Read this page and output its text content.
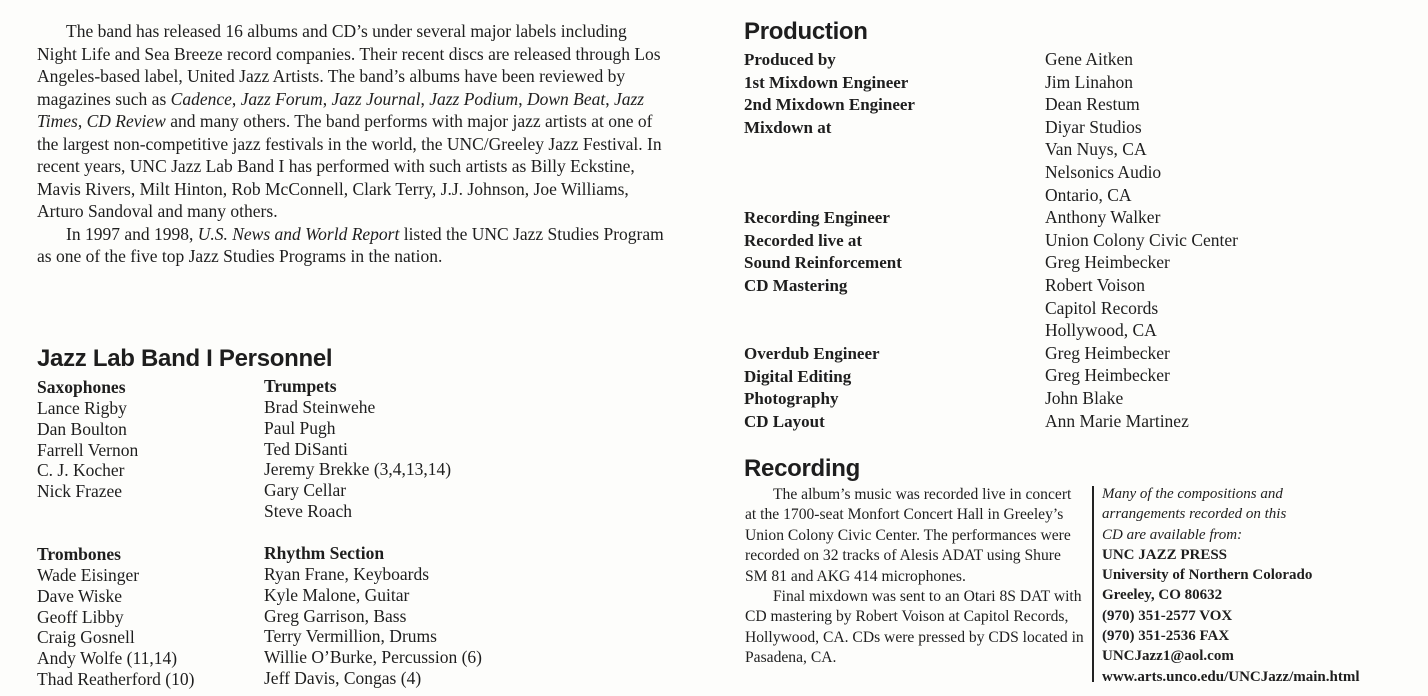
The band has released 16 albums and CD’s under several major labels including Night Life and Sea Breeze record companies. Their recent discs are released through Los Angeles-based label, United Jazz Artists. The band’s albums have been reviewed by magazines such as Cadence, Jazz Forum, Jazz Journal, Jazz Podium, Down Beat, Jazz Times, CD Review and many others. The band performs with major jazz artists at one of the largest non-competitive jazz festivals in the world, the UNC/Greeley Jazz Festival. In recent years, UNC Jazz Lab Band I has performed with such artists as Billy Eckstine, Mavis Rivers, Milt Hinton, Rob McConnell, Clark Terry, J.J. Johnson, Joe Williams, Arturo Sandoval and many others.

In 1997 and 1998, U.S. News and World Report listed the UNC Jazz Studies Program as one of the five top Jazz Studies Programs in the nation.

Jazz Lab Band I Personnel
Saxophones
Lance Rigby
Dan Boulton
Farrell Vernon
C. J. Kocher
Nick Frazee
Trumpets
Brad Steinwehe
Paul Pugh
Ted DiSanti
Jeremy Brekke (3,4,13,14)
Gary Cellar
Steve Roach
Trombones
Wade Eisinger
Dave Wiske
Geoff Libby
Craig Gosnell
Andy Wolfe (11,14)
Thad Reatherford (10)
Rhythm Section
Ryan Frane, Keyboards
Kyle Malone, Guitar
Greg Garrison, Bass
Terry Vermillion, Drums
Willie O’Burke, Percussion (6)
Jeff Davis, Congas (4)
Production
Produced by
1st Mixdown Engineer
2nd Mixdown Engineer
Mixdown at
Recording Engineer
Recorded live at
Sound Reinforcement
CD Mastering
Overdub Engineer
Digital Editing
Photography
CD Layout
Gene Aitken
Jim Linahon
Dean Restum
Diyar Studios
Van Nuys, CA
Nelsonics Audio
Ontario, CA
Anthony Walker
Union Colony Civic Center
Greg Heimbecker
Robert Voison
Capitol Records
Hollywood, CA
Greg Heimbecker
Greg Heimbecker
John Blake
Ann Marie Martinez
Recording

The album’s music was recorded live in concert at the 1700-seat Monfort Concert Hall in Greeley’s Union Colony Civic Center. The performances were recorded on 32 tracks of Alesis ADAT using Shure SM 81 and AKG 414 microphones.

Final mixdown was sent to an Otari 8S DAT with CD mastering by Robert Voison at Capitol Records, Hollywood, CA. CDs were pressed by CDS located in Pasadena, CA.

Many of the compositions and
arrangements recorded on this
CD are available from:
UNC JAZZ PRESS
University of Northern Colorado
Greeley, CO 80632
(970) 351-2577 VOX
(970) 351-2536 FAX
UNCJazz1@aol.com
www.arts.unco.edu/UNCJazz/main.html
